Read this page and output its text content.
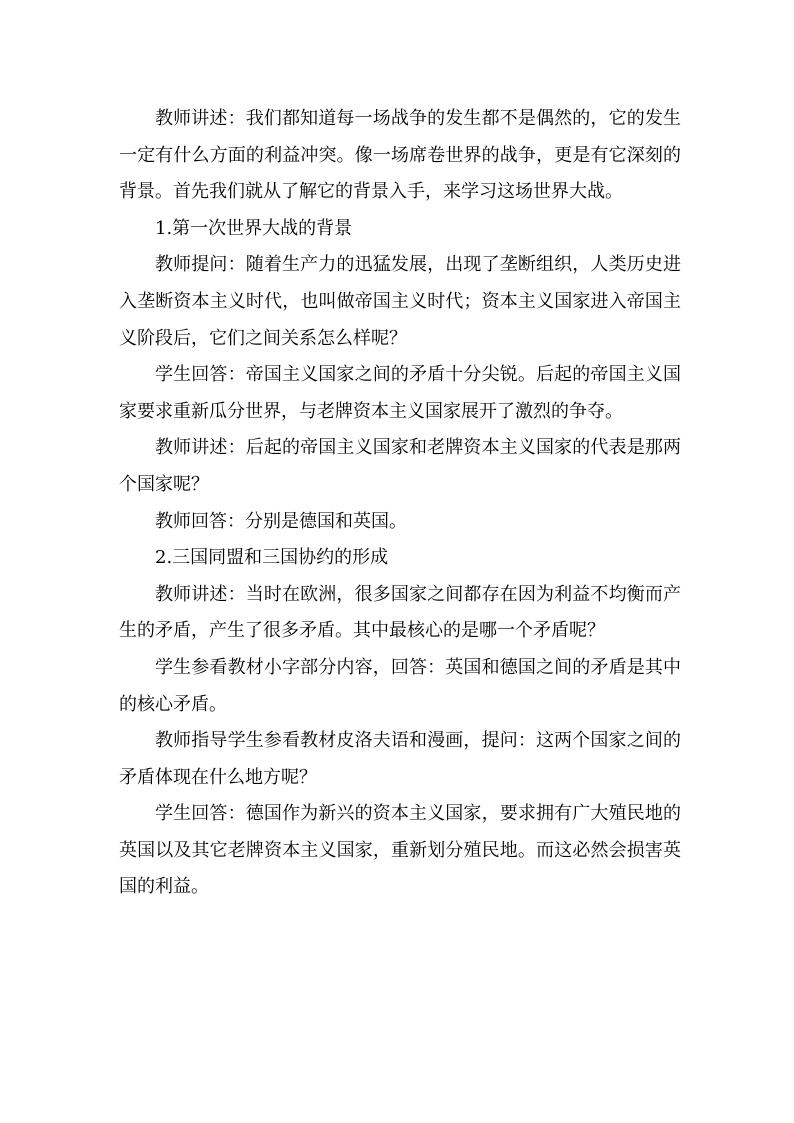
教师讲述：我们都知道每一场战争的发生都不是偶然的，它的发生一定有什么方面的利益冲突。像一场席卷世界的战争，更是有它深刻的背景。首先我们就从了解它的背景入手，来学习这场世界大战。

1.第一次世界大战的背景

教师提问：随着生产力的迅猛发展，出现了垄断组织，人类历史进入垄断资本主义时代，也叫做帝国主义时代；资本主义国家进入帝国主义阶段后，它们之间关系怎么样呢？

学生回答：帝国主义国家之间的矛盾十分尖锐。后起的帝国主义国家要求重新瓜分世界，与老牌资本主义国家展开了激烈的争夺。

教师讲述：后起的帝国主义国家和老牌资本主义国家的代表是那两个国家呢？

教师回答：分别是德国和英国。

2.三国同盟和三国协约的形成

教师讲述：当时在欧洲，很多国家之间都存在因为利益不均衡而产生的矛盾，产生了很多矛盾。其中最核心的是哪一个矛盾呢？

学生参看教材小字部分内容，回答：英国和德国之间的矛盾是其中的核心矛盾。

教师指导学生参看教材皮洛夫语和漫画，提问：这两个国家之间的矛盾体现在什么地方呢？

学生回答：德国作为新兴的资本主义国家，要求拥有广大殖民地的英国以及其它老牌资本主义国家，重新划分殖民地。而这必然会损害英国的利益。
